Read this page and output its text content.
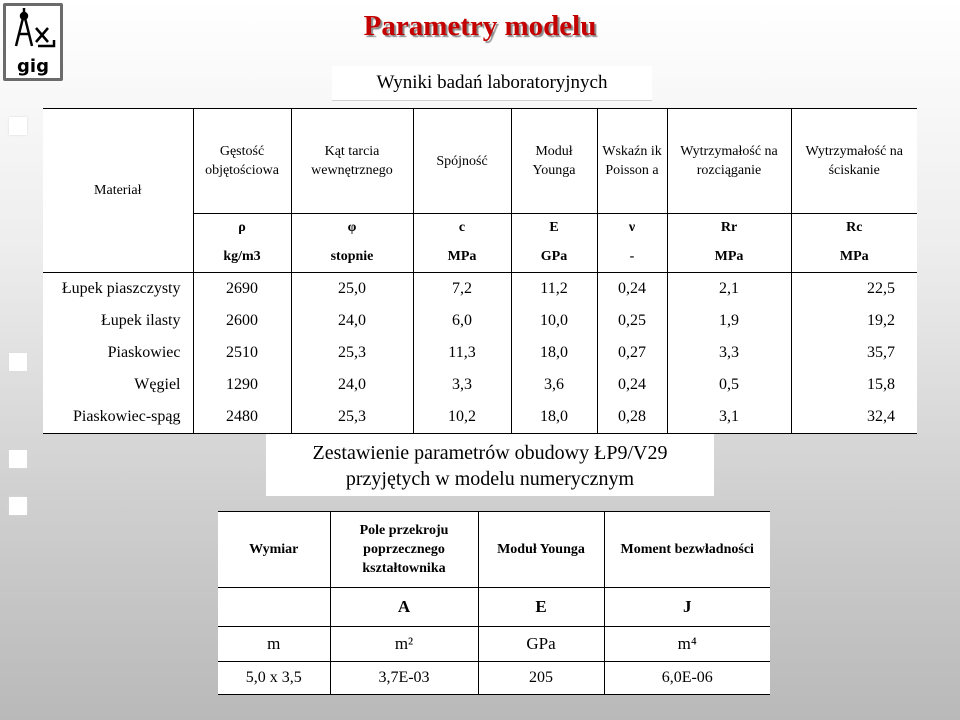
gig
Parametry modelu
Wyniki badań laboratoryjnych
Materiał	Gęstość objętościowa	Kąt tarcia wewnętrznego	Spójność	Moduł Younga	Wskaźn ik Poisson a	Wytrzymałość na rozciąganie	Wytrzymałość na ściskanie
	ρ	φ	c	E	ν	Rr	Rc
	kg/m3	stopnie	MPa	GPa	-	MPa	MPa
Łupek piaszczysty	2690	25,0	7,2	11,2	0,24	2,1	22,5
Łupek ilasty	2600	24,0	6,0	10,0	0,25	1,9	19,2
Piaskowiec	2510	25,3	11,3	18,0	0,27	3,3	35,7
Węgiel	1290	24,0	3,3	3,6	0,24	0,5	15,8
Piaskowiec-spąg	2480	25,3	10,2	18,0	0,28	3,1	32,4
Zestawienie parametrów obudowy ŁP9/V29
przyjętych w modelu numerycznym
Wymiar	Pole przekroju poprzecznego kształtownika	Moduł Younga	Moment bezwładności
	A	E	J
m	m²	GPa	m⁴
5,0 x 3,5	3,7E-03	205	6,0E-06
